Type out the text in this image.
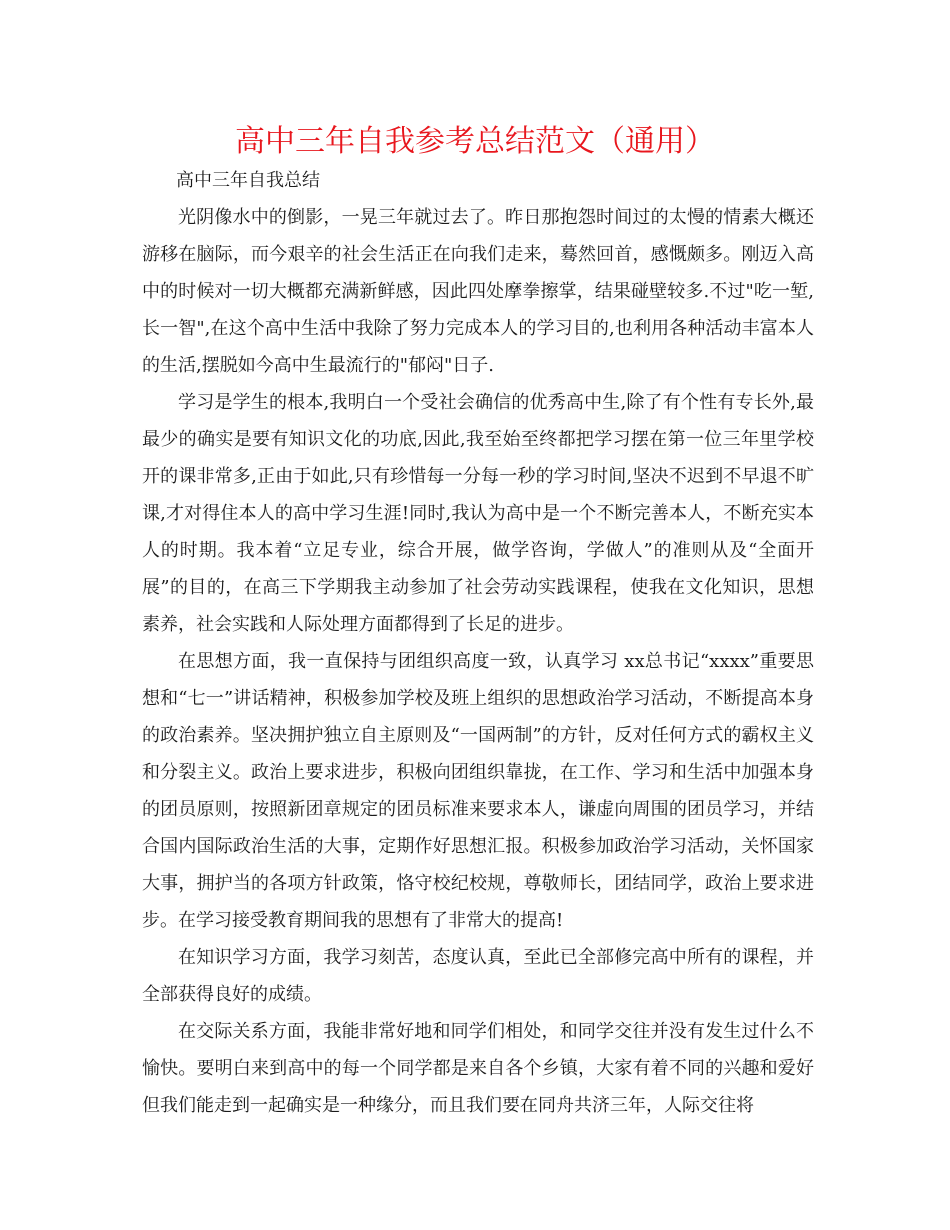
高中三年自我参考总结范文（通用）

高中三年自我总结

光阴像水中的倒影，一晃三年就过去了。昨日那抱怨时间过的太慢的情素大概还游移在脑际，而今艰辛的社会生活正在向我们走来，蓦然回首，感慨颇多。刚迈入高中的时候对一切大概都充满新鲜感，因此四处摩拳擦掌，结果碰壁较多.不过"吃一堑,长一智",在这个高中生活中我除了努力完成本人的学习目的,也利用各种活动丰富本人的生活,摆脱如今高中生最流行的"郁闷"日子.

学习是学生的根本,我明白一个受社会确信的优秀高中生,除了有个性有专长外,最最少的确实是要有知识文化的功底,因此,我至始至终都把学习摆在第一位三年里学校开的课非常多,正由于如此,只有珍惜每一分每一秒的学习时间,坚决不迟到不早退不旷课,才对得住本人的高中学习生涯!同时,我认为高中是一个不断完善本人，不断充实本人的时期。我本着“立足专业，综合开展，做学咨询，学做人”的准则从及“全面开展”的目的，在高三下学期我主动参加了社会劳动实践课程，使我在文化知识，思想素养，社会实践和人际处理方面都得到了长足的进步。

在思想方面，我一直保持与团组织高度一致，认真学习 xx总书记“xxxx”重要思想和“七一”讲话精神，积极参加学校及班上组织的思想政治学习活动，不断提高本身的政治素养。坚决拥护独立自主原则及“一国两制”的方针，反对任何方式的霸权主义和分裂主义。政治上要求进步，积极向团组织靠拢，在工作、学习和生活中加强本身的团员原则，按照新团章规定的团员标准来要求本人，谦虚向周围的团员学习，并结合国内国际政治生活的大事，定期作好思想汇报。积极参加政治学习活动，关怀国家大事，拥护当的各项方针政策，恪守校纪校规，尊敬师长，团结同学，政治上要求进步。在学习接受教育期间我的思想有了非常大的提高!

在知识学习方面，我学习刻苦，态度认真，至此已全部修完高中所有的课程，并全部获得良好的成绩。

在交际关系方面，我能非常好地和同学们相处，和同学交往并没有发生过什么不愉快。要明白来到高中的每一个同学都是来自各个乡镇，大家有着不同的兴趣和爱好但我们能走到一起确实是一种缘分，而且我们要在同舟共济三年，人际交往将
